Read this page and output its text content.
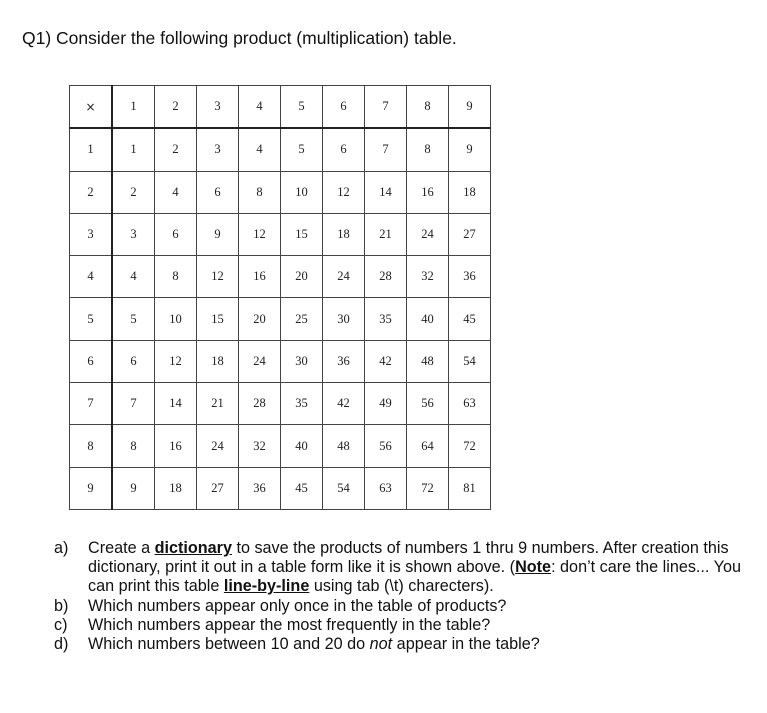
Q1) Consider the following product (multiplication) table.
×	1	2	3	4	5	6	7	8	9
1	1	2	3	4	5	6	7	8	9
2	2	4	6	8	10	12	14	16	18
3	3	6	9	12	15	18	21	24	27
4	4	8	12	16	20	24	28	32	36
5	5	10	15	20	25	30	35	40	45
6	6	12	18	24	30	36	42	48	54
7	7	14	21	28	35	42	49	56	63
8	8	16	24	32	40	48	56	64	72
9	9	18	27	36	45	54	63	72	81
a)	Create a dictionary to save the products of numbers 1 thru 9 numbers. After creation this dictionary, print it out in a table form like it is shown above. (Note: don’t care the lines... You can print this table line-by-line using tab (\t) charecters).
b)	Which numbers appear only once in the table of products?
c)	Which numbers appear the most frequently in the table?
d)	Which numbers between 10 and 20 do not appear in the table?
